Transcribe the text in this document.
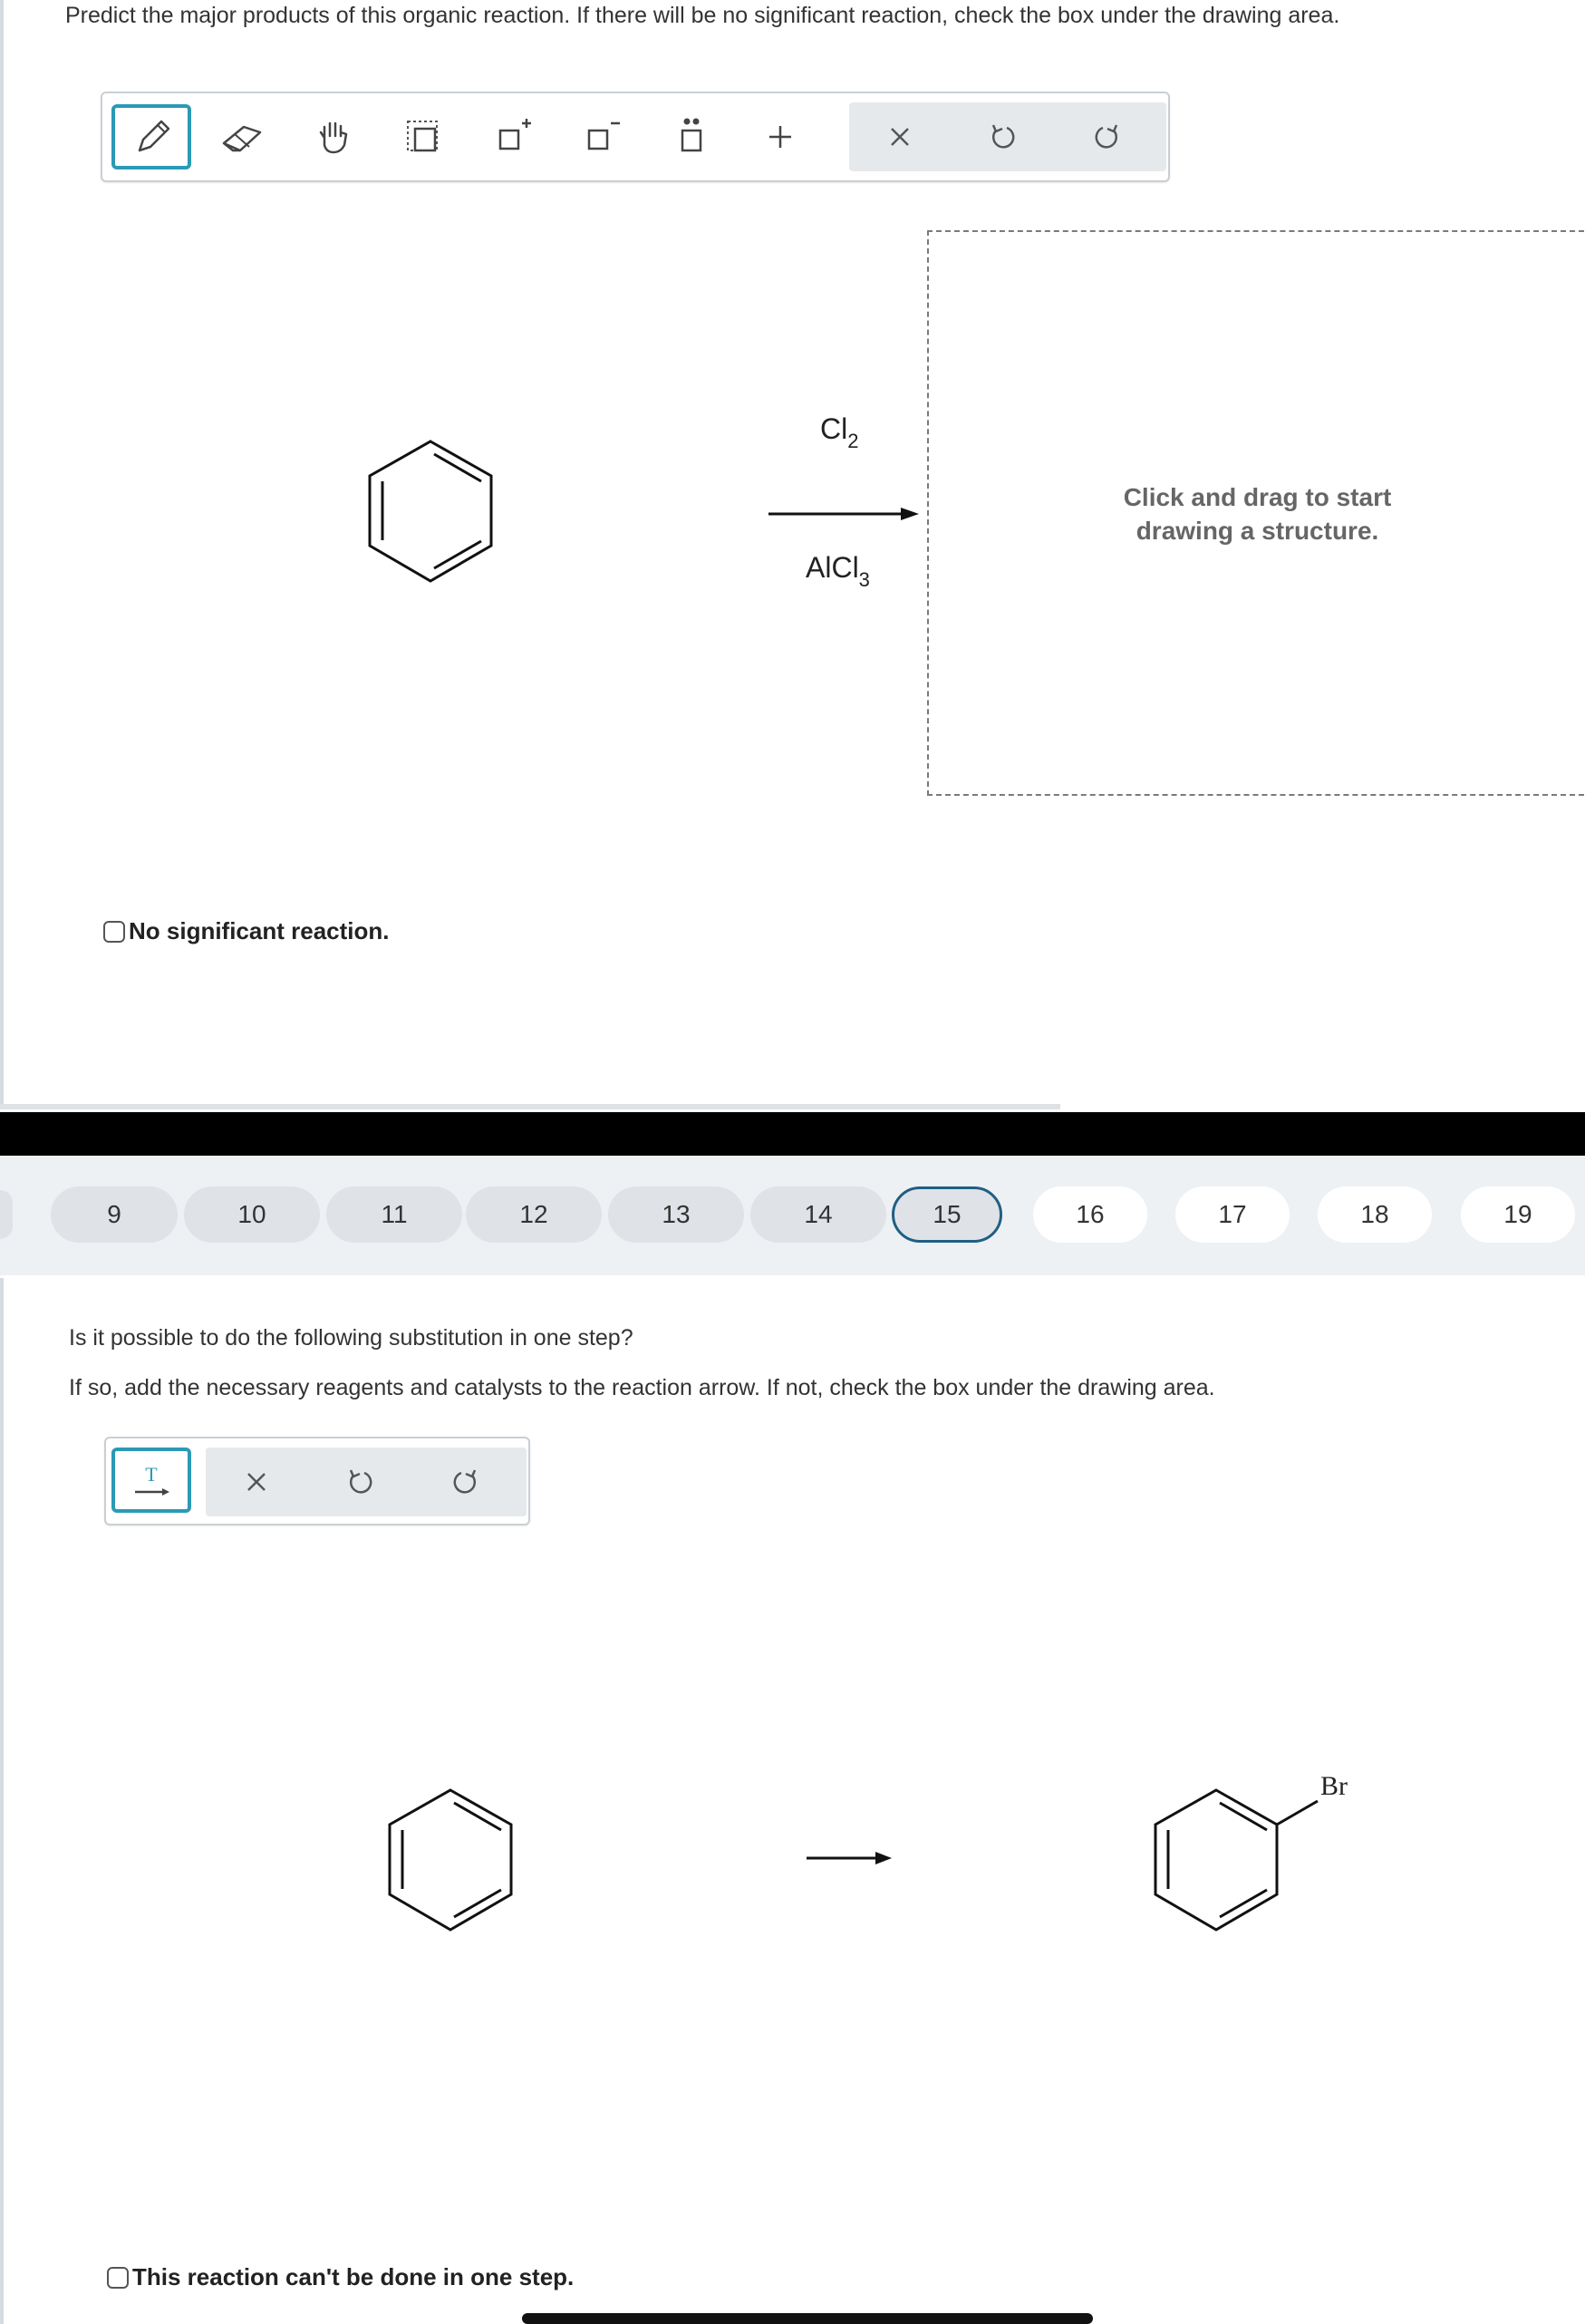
Predict the major products of this organic reaction. If there will be no significant reaction, check the box under the drawing area.
$Cl_2$
AlCl$_3$
Click and drag to start
drawing a structure.
No significant reaction.
9	10	11	12	13	14	15	16	17	18	19
Is it possible to do the following substitution in one step?
If so, add the necessary reagents and catalysts to the reaction arrow. If not, check the box under the drawing area.
T
Br
This reaction can't be done in one step.
